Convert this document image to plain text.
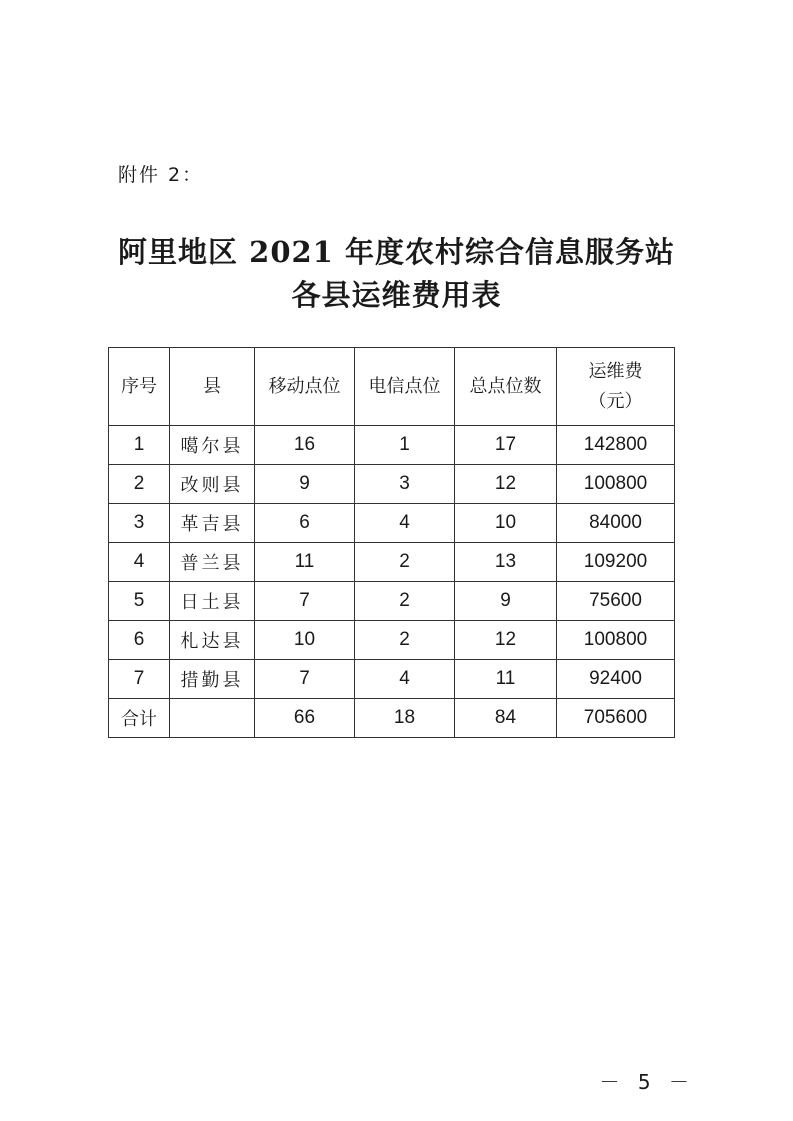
附件 2：
阿里地区 2021 年度农村综合信息服务站
各县运维费用表
序号	县	移动点位	电信点位	总点位数	运维费
（元）

1	噶尔县	16	1	17	142800
2	改则县	9	3	12	100800
3	革吉县	6	4	10	84000
4	普兰县	11	2	13	109200
5	日土县	7	2	9	75600
6	札达县	10	2	12	100800
7	措勤县	7	4	11	92400
合计		66	18	84	705600
－ 5 －
